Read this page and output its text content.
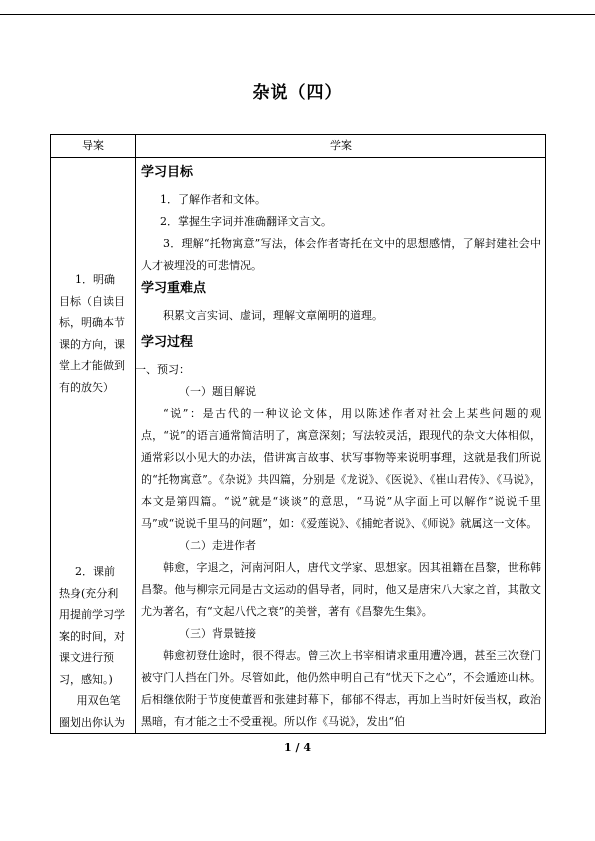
杂说（四）
导案	学案
1．明确
目标（自读目
标，明确本节
课的方向，课
堂上才能做到
有的放矢）
2．课前
热身(充分利
用提前学习学
案的时间，对
课文进行预
习，感知。)
用双色笔
圈划出你认为
学习目标
1．了解作者和文体。
2．掌握生字词并准确翻译文言文。
3．理解“托物寓意”写法，体会作者寄托在文中的思想感情，了解封建社会中人才被埋没的可悲情况。
学习重难点
积累文言实词、虚词，理解文章阐明的道理。
学习过程
一、预习：
（一）题目解说
“说”：是古代的一种议论文体，用以陈述作者对社会上某些问题的观点，“说”的语言通常简洁明了，寓意深刻；写法较灵活，跟现代的杂文大体相似，通常彩以小见大的办法，借讲寓言故事、状写事物等来说明事理，这就是我们所说的“托物寓意”。《杂说》共四篇，分别是《龙说》、《医说》、《崔山君传》、《马说》，本文是第四篇。“说”就是“谈谈”的意思，“马说”从字面上可以解作“说说千里马”或“说说千里马的问题”，如：《爱莲说》、《捕蛇者说》、《师说》就属这一文体。
（二）走进作者
韩愈，字退之，河南河阳人，唐代文学家、思想家。因其祖籍在昌黎，世称韩昌黎。他与柳宗元同是古文运动的倡导者，同时，他又是唐宋八大家之首，其散文尤为著名，有“文起八代之衰”的美誉，著有《昌黎先生集》。
（三）背景链接
韩愈初登仕途时，很不得志。曾三次上书宰相请求重用遭冷遇，甚至三次登门被守门人挡在门外。尽管如此，他仍然申明自己有“忧天下之心”，不会遁迹山林。后相继依附于节度使董晋和张建封幕下，郁郁不得志，再加上当时奸佞当权，政治黑暗，有才能之士不受重视。所以作《马说》，发出“伯
1 / 4
